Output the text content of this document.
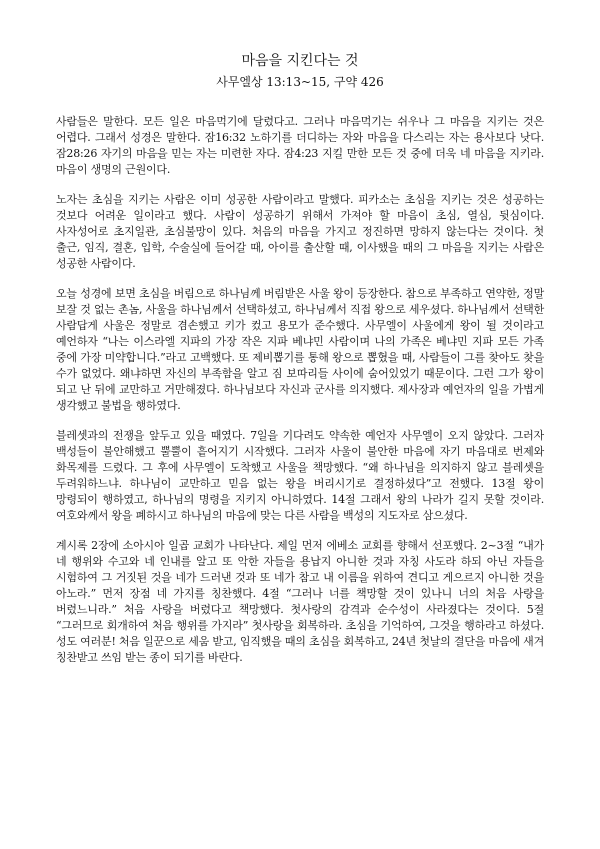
마음을 지킨다는 것
사무엘상 13:13~15, 구약 426

사람들은 말한다. 모든 일은 마음먹기에 달렸다고. 그러나 마음먹기는 쉬우나 그 마음을 지키는 것은 어렵다. 그래서 성경은 말한다. 잠16:32 노하기를 더디하는 자와 마음을 다스리는 자는 용사보다 낫다. 잠28:26 자기의 마음을 믿는 자는 미련한 자다. 잠4:23 지킬 만한 모든 것 중에 더욱 네 마음을 지키라. 마음이 생명의 근원이다.

노자는 초심을 지키는 사람은 이미 성공한 사람이라고 말했다. 피카소는 초심을 지키는 것은 성공하는 것보다 어려운 일이라고 했다. 사람이 성공하기 위해서 가져야 할 마음이 초심, 열심, 뒷심이다. 사자성어로 초지일관, 초심불망이 있다. 처음의 마음을 가지고 정진하면 망하지 않는다는 것이다. 첫 출근, 임직, 결혼, 입학, 수술실에 들어갈 때, 아이를 출산할 때, 이사했을 때의 그 마음을 지키는 사람은 성공한 사람이다.

오늘 성경에 보면 초심을 버림으로 하나님께 버림받은 사울 왕이 등장한다. 참으로 부족하고 연약한, 정말 보잘 것 없는 촌놈, 사울을 하나님께서 선택하셨고, 하나님께서 직접 왕으로 세우셨다. 하나님께서 선택한 사람답게 사울은 정말로 겸손했고 키가 컸고 용모가 준수했다. 사무엘이 사울에게 왕이 될 것이라고 예언하자 “나는 이스라엘 지파의 가장 작은 지파 베냐민 사람이며 나의 가족은 베냐민 지파 모든 가족 중에 가장 미약합니다.”라고 고백했다. 또 제비뽑기를 통해 왕으로 뽑혔을 때, 사람들이 그를 찾아도 찾을 수가 없었다. 왜냐하면 자신의 부족함을 알고 짐 보따리들 사이에 숨어있었기 때문이다. 그런 그가 왕이 되고 난 뒤에 교만하고 거만해졌다. 하나님보다 자신과 군사를 의지했다. 제사장과 예언자의 일을 가볍게 생각했고 불법을 행하였다.

블레셋과의 전쟁을 앞두고 있을 때였다. 7일을 기다려도 약속한 예언자 사무엘이 오지 않았다. 그러자 백성들이 불안해했고 뿔뿔이 흩어지기 시작했다. 그러자 사울이 불안한 마음에 자기 마음대로 번제와 화목제를 드렸다. 그 후에 사무엘이 도착했고 사울을 책망했다. “왜 하나님을 의지하지 않고 블레셋을 두려워하느냐. 하나님이 교만하고 믿음 없는 왕을 버리시기로 결정하셨다”고 전했다. 13절 왕이 망령되이 행하였고, 하나님의 명령을 지키지 아니하였다. 14절 그래서 왕의 나라가 길지 못할 것이라. 여호와께서 왕을 폐하시고 하나님의 마음에 맞는 다른 사람을 백성의 지도자로 삼으셨다.

계시록 2장에 소아시아 일곱 교회가 나타난다. 제일 먼저 에베소 교회를 향해서 선포했다. 2~3절 “내가 네 행위와 수고와 네 인내를 알고 또 악한 자들을 용납지 아니한 것과 자칭 사도라 하되 아닌 자들을 시험하여 그 거짓된 것을 네가 드러낸 것과 또 네가 참고 내 이름을 위하여 견디고 게으르지 아니한 것을 아노라.” 먼저 장점 네 가지를 칭찬했다. 4절 “그러나 너를 책망할 것이 있나니 너의 처음 사랑을 버렸느니라.” 처음 사랑을 버렸다고 책망했다. 첫사랑의 감격과 순수성이 사라졌다는 것이다. 5절 “그러므로 회개하여 처음 행위를 가지라” 첫사랑을 회복하라. 초심을 기억하여, 그것을 행하라고 하셨다. 성도 여러분! 처음 일꾼으로 세움 받고, 임직했을 때의 초심을 회복하고, 24년 첫날의 결단을 마음에 새겨 칭찬받고 쓰임 받는 종이 되기를 바란다.
